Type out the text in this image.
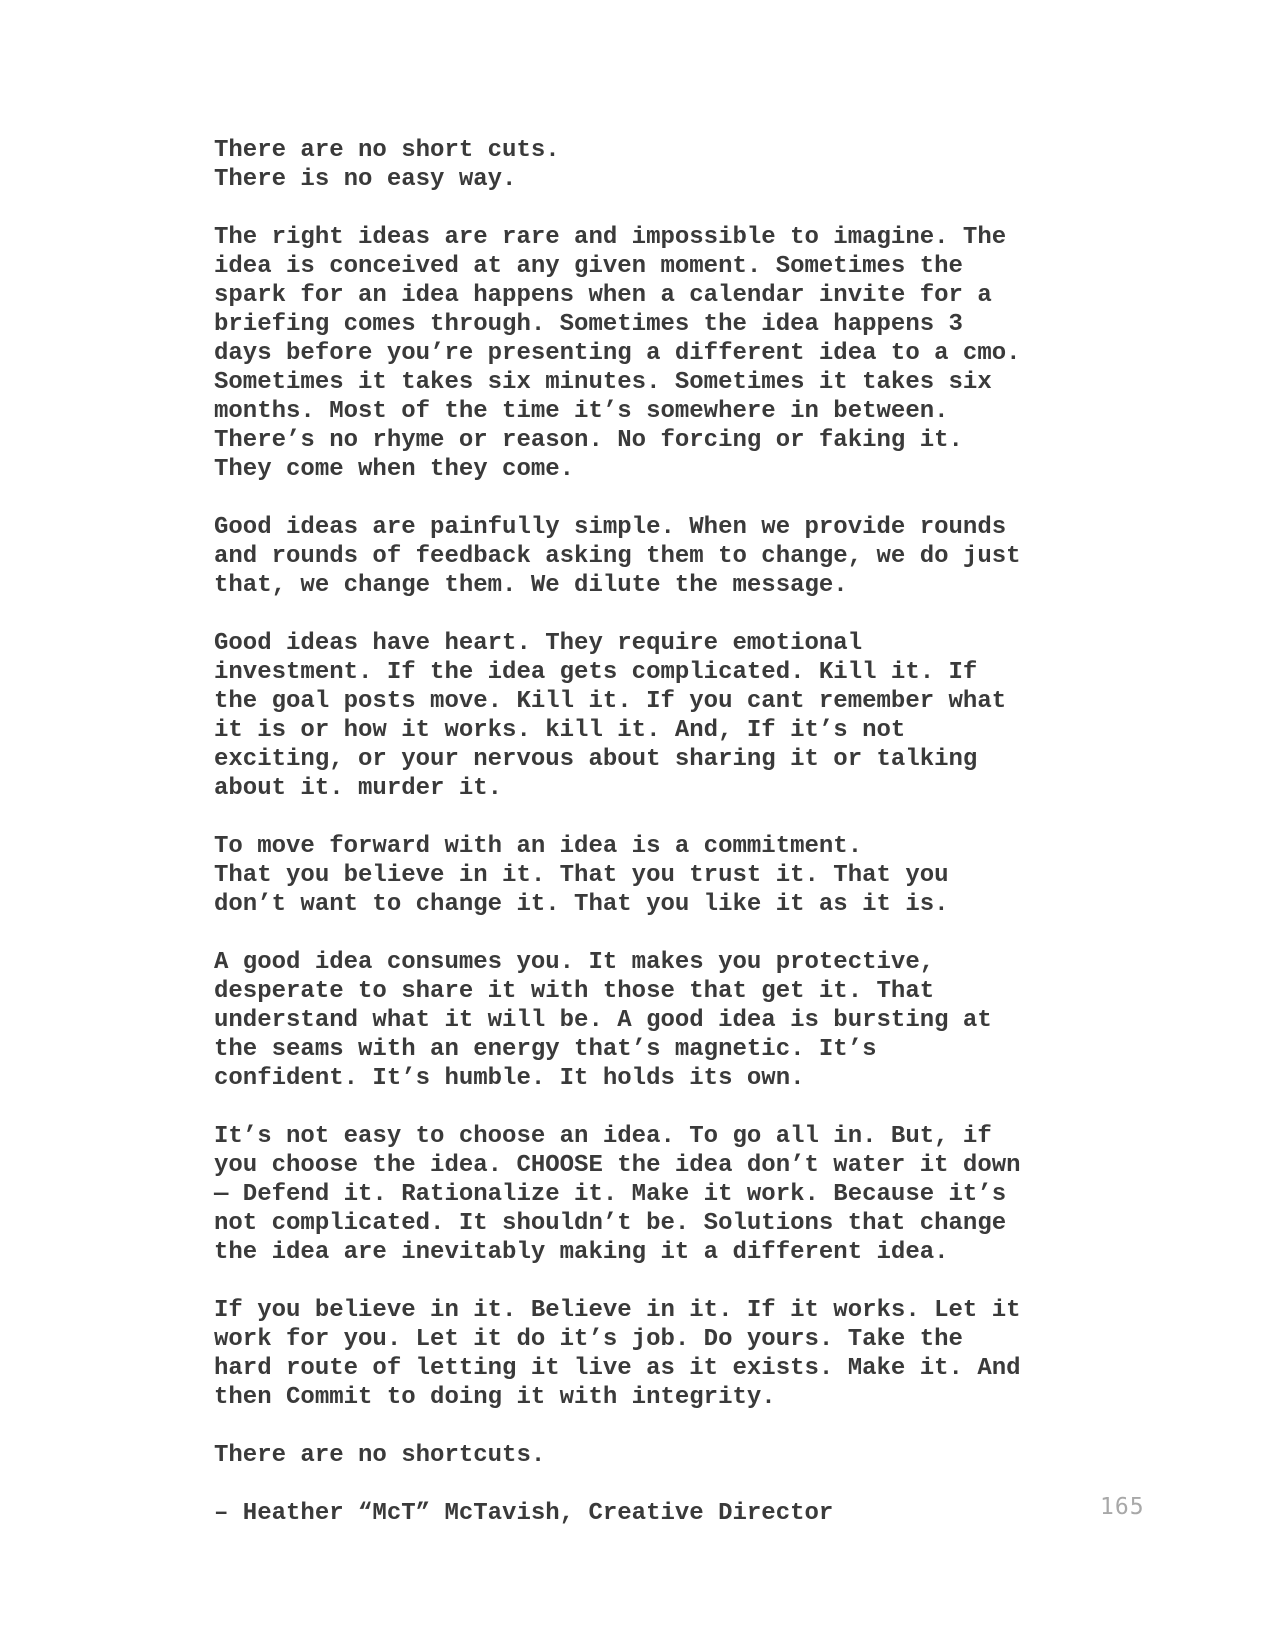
There are no short cuts.
There is no easy way.
The right ideas are rare and impossible to imagine. The
idea is conceived at any given moment. Sometimes the
spark for an idea happens when a calendar invite for a
briefing comes through. Sometimes the idea happens 3
days before you’re presenting a different idea to a cmo.
Sometimes it takes six minutes. Sometimes it takes six
months. Most of the time it’s somewhere in between.
There’s no rhyme or reason. No forcing or faking it.
They come when they come.
Good ideas are painfully simple. When we provide rounds
and rounds of feedback asking them to change, we do just
that, we change them. We dilute the message.
Good ideas have heart. They require emotional
investment. If the idea gets complicated. Kill it. If
the goal posts move. Kill it. If you cant remember what
it is or how it works. kill it. And, If it’s not
exciting, or your nervous about sharing it or talking
about it. murder it.
To move forward with an idea is a commitment.
That you believe in it. That you trust it. That you
don’t want to change it. That you like it as it is.
A good idea consumes you. It makes you protective,
desperate to share it with those that get it. That
understand what it will be. A good idea is bursting at
the seams with an energy that’s magnetic. It’s
confident. It’s humble. It holds its own.
It’s not easy to choose an idea. To go all in. But, if
you choose the idea. CHOOSE the idea don’t water it down
— Defend it. Rationalize it. Make it work. Because it’s
not complicated. It shouldn’t be. Solutions that change
the idea are inevitably making it a different idea.
If you believe in it. Believe in it. If it works. Let it
work for you. Let it do it’s job. Do yours. Take the
hard route of letting it live as it exists. Make it. And
then Commit to doing it with integrity.
There are no shortcuts.
– Heather “McT” McTavish, Creative Director	165
